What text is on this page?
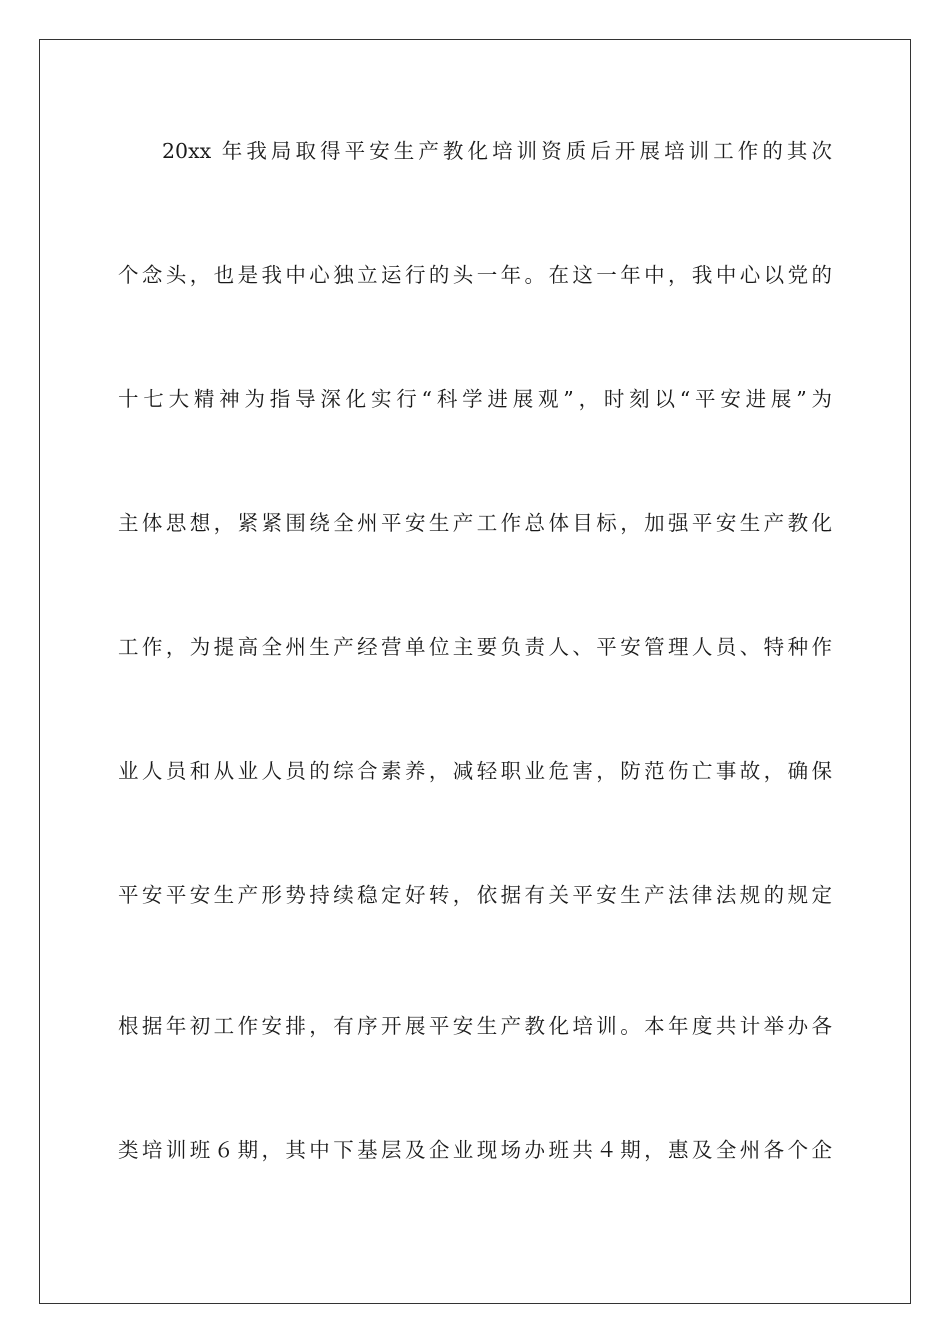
20xx 年我局取得平安生产教化培训资质后开展培训工作的其次
个念头，也是我中心独立运行的头一年。在这一年中，我中心以党的
十七大精神为指导深化实行“科学进展观”，时刻以“平安进展”为
主体思想，紧紧围绕全州平安生产工作总体目标，加强平安生产教化
工作，为提高全州生产经营单位主要负责人、平安管理人员、特种作
业人员和从业人员的综合素养，减轻职业危害，防范伤亡事故，确保
平安平安生产形势持续稳定好转，依据有关平安生产法律法规的规定
根据年初工作安排，有序开展平安生产教化培训。本年度共计举办各
类培训班６期，其中下基层及企业现场办班共４期，惠及全州各个企
